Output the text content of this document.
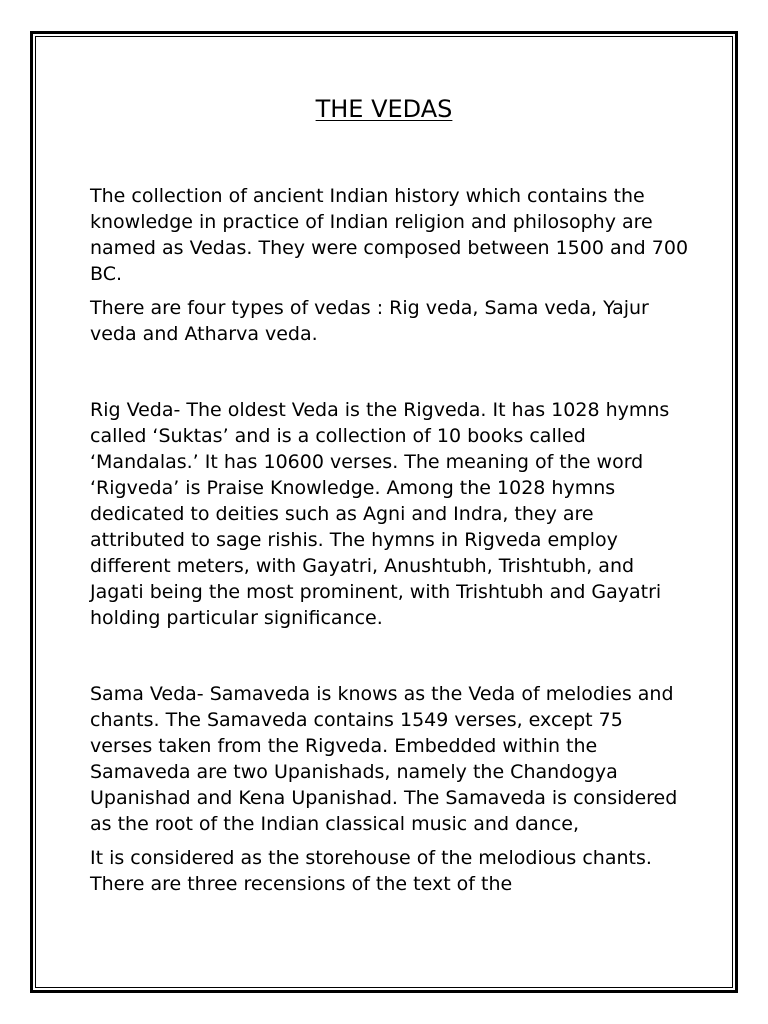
THE VEDAS

The collection of ancient Indian history which contains the knowledge in practice of Indian religion and philosophy are named as Vedas. They were composed between 1500 and 700 BC.

There are four types of vedas : Rig veda, Sama veda, Yajur veda and Atharva veda.

Rig Veda- The oldest Veda is the Rigveda. It has 1028 hymns called ‘Suktas’ and is a collection of 10 books called ‘Mandalas.’ It has 10600 verses. The meaning of the word ‘Rigveda’ is Praise Knowledge. Among the 1028 hymns dedicated to deities such as Agni and Indra, they are attributed to sage rishis. The hymns in Rigveda employ different meters, with Gayatri, Anushtubh, Trishtubh, and Jagati being the most prominent, with Trishtubh and Gayatri holding particular significance.

Sama Veda- Samaveda is knows as the Veda of melodies and chants. The Samaveda contains 1549 verses, except 75 verses taken from the Rigveda. Embedded within the Samaveda are two Upanishads, namely the Chandogya Upanishad and Kena Upanishad. The Samaveda is considered as the root of the Indian classical music and dance,

It is considered as the storehouse of the melodious chants. There are three recensions of the text of the
